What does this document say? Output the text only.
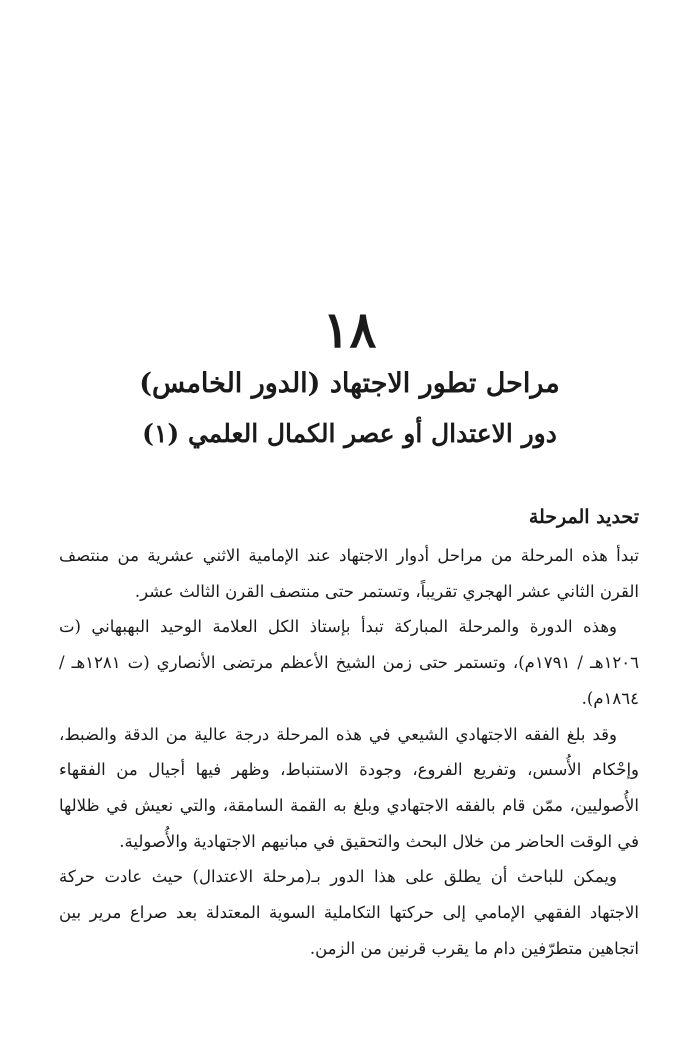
١٨
مراحل تطور الاجتهاد (الدور الخامس)
دور الاعتدال أو عصر الكمال العلمي (١)
تحديد المرحلة

تبدأ هذه المرحلة من مراحل أدوار الاجتهاد عند الإمامية الاثني عشرية من منتصف القرن الثاني عشر الهجري تقريباً، وتستمر حتى منتصف القرن الثالث عشر.

وهذه الدورة والمرحلة المباركة تبدأ بإستاذ الكل العلامة الوحيد البهبهاني (ت ١٢٠٦هـ / ١٧٩١م)، وتستمر حتى زمن الشيخ الأعظم مرتضى الأنصاري (ت ١٢٨١هـ / ١٨٦٤م).

وقد بلغ الفقه الاجتهادي الشيعي في هذه المرحلة درجة عالية من الدقة والضبط، وإحْكام الأُسس، وتفريع الفروع، وجودة الاستنباط، وظهر فيها أجيال من الفقهاء الأُصوليين، ممّن قام بالفقه الاجتهادي وبلغ به القمة السامقة، والتي نعيش في ظلالها في الوقت الحاضر من خلال البحث والتحقيق في مبانيهم الاجتهادية والأُصولية.

ويمكن للباحث أن يطلق على هذا الدور بـ(مرحلة الاعتدال) حيث عادت حركة الاجتهاد الفقهي الإمامي إلى حركتها التكاملية السوية المعتدلة بعد صراع مرير بين اتجاهين متطرّفين دام ما يقرب قرنين من الزمن.
